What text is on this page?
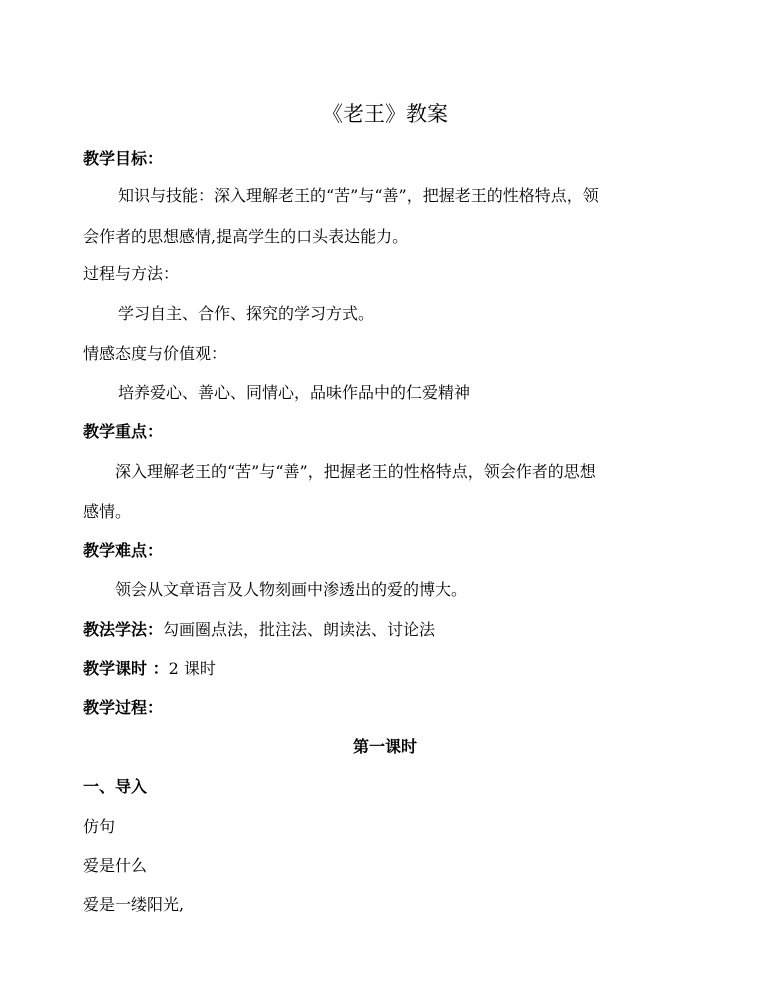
《老王》教案
教学目标：
知识与技能：深入理解老王的“苦”与“善”，把握老王的性格特点，领
会作者的思想感情,提高学生的口头表达能力。
过程与方法：
学习自主、合作、探究的学习方式。
情感态度与价值观：
培养爱心、善心、同情心，品味作品中的仁爱精神
教学重点：
深入理解老王的“苦”与“善”，把握老王的性格特点，领会作者的思想
感情。
教学难点：
领会从文章语言及人物刻画中渗透出的爱的博大。
教法学法：勾画圈点法，批注法、朗读法、讨论法
教学课时 ：2 课时
教学过程：
第一课时
一、导入
仿句
爱是什么
爱是一缕阳光,
